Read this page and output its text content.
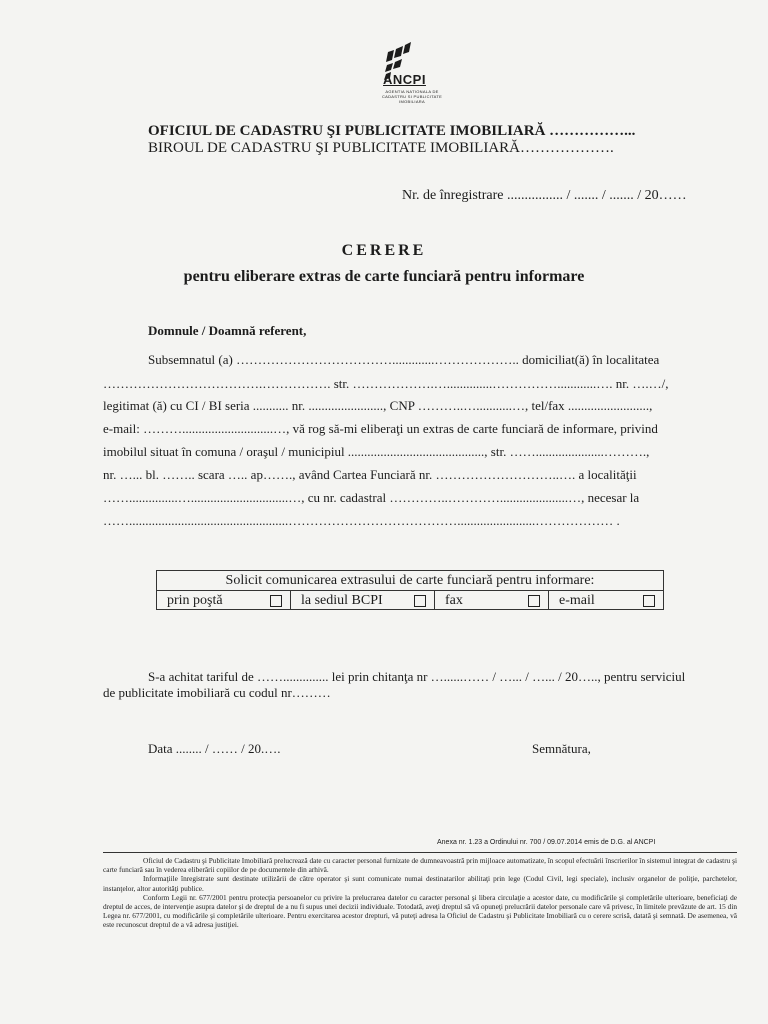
ANCPI
AGENTIA NATIONALA DE CADASTRU SI PUBLICITATE IMOBILIARA
OFICIUL DE CADASTRU ŞI PUBLICITATE IMOBILIARĂ ……………...
BIROUL DE CADASTRU ŞI PUBLICITATE IMOBILIARĂ……………….
Nr. de înregistrare ................ / ....... / ....... / 20……
CERERE
pentru eliberare extras de carte funciară pentru informare
Domnule / Doamnă referent,
Subsemnatul (a) ……………………………….............……………….. domiciliat(ă) în localitatea
……………………………….……………. str. ……………….…..............……………............…. nr. ….…/,
legitimat (ă) cu CI / BI seria ........... nr. ......................., CNP ………..…...........…, tel/fax .........................,
e-mail: ………............................…, vă rog să-mi eliberaţi un extras de carte funciară de informare, privind
imobilul situat în comuna / oraşul / municipiul .........................................., str. …….....................……….,
nr. …... bl. …….. scara ….. ap……., având Cartea Funciară nr. ………………………..…. a localităţii
……...............…..............................…, cu nr. cadastral …………..………….....................…, necesar la
…….................................................…………………………………........................……………… .
Solicit comunicarea extrasului de carte funciară pentru informare:
prin poştă	la sediul BCPI	fax	e-mail
S-a achitat tariful de …….............. lei prin chitanţa nr …......…… / …... / …... / 20….., pentru serviciul
de publicitate imobiliară cu codul nr………
Data ........ / …… / 20.….	Semnătura,
Anexa nr. 1.23 a Ordinului nr. 700 / 09.07.2014 emis de D.G. al ANCPI

Oficiul de Cadastru şi Publicitate Imobiliară prelucrează date cu caracter personal furnizate de dumneavoastră prin mijloace automatizate, în scopul efectuării înscrierilor în sistemul integrat de cadastru şi carte funciară sau în vederea eliberării copiilor de pe documentele din arhivă.

Informaţiile înregistrate sunt destinate utilizării de către operator şi sunt comunicate numai destinatarilor abilitaţi prin lege (Codul Civil, legi speciale), inclusiv organelor de poliţie, parchetelor, instanţelor, altor autorităţi publice.

Conform Legii nr. 677/2001 pentru protecţia persoanelor cu privire la prelucrarea datelor cu caracter personal şi libera circulaţie a acestor date, cu modificările şi completările ulterioare, beneficiaţi de dreptul de acces, de intervenţie asupra datelor şi de dreptul de a nu fi supus unei decizii individuale. Totodată, aveţi dreptul să vă opuneţi prelucrării datelor personale care vă privesc, în limitele prevăzute de art. 15 din Legea nr. 677/2001, cu modificările şi completările ulterioare. Pentru exercitarea acestor drepturi, vă puteţi adresa la Oficiul de Cadastru şi Publicitate Imobiliară cu o cerere scrisă, datată şi semnată. De asemenea, vă este recunoscut dreptul de a vă adresa justiţiei.
